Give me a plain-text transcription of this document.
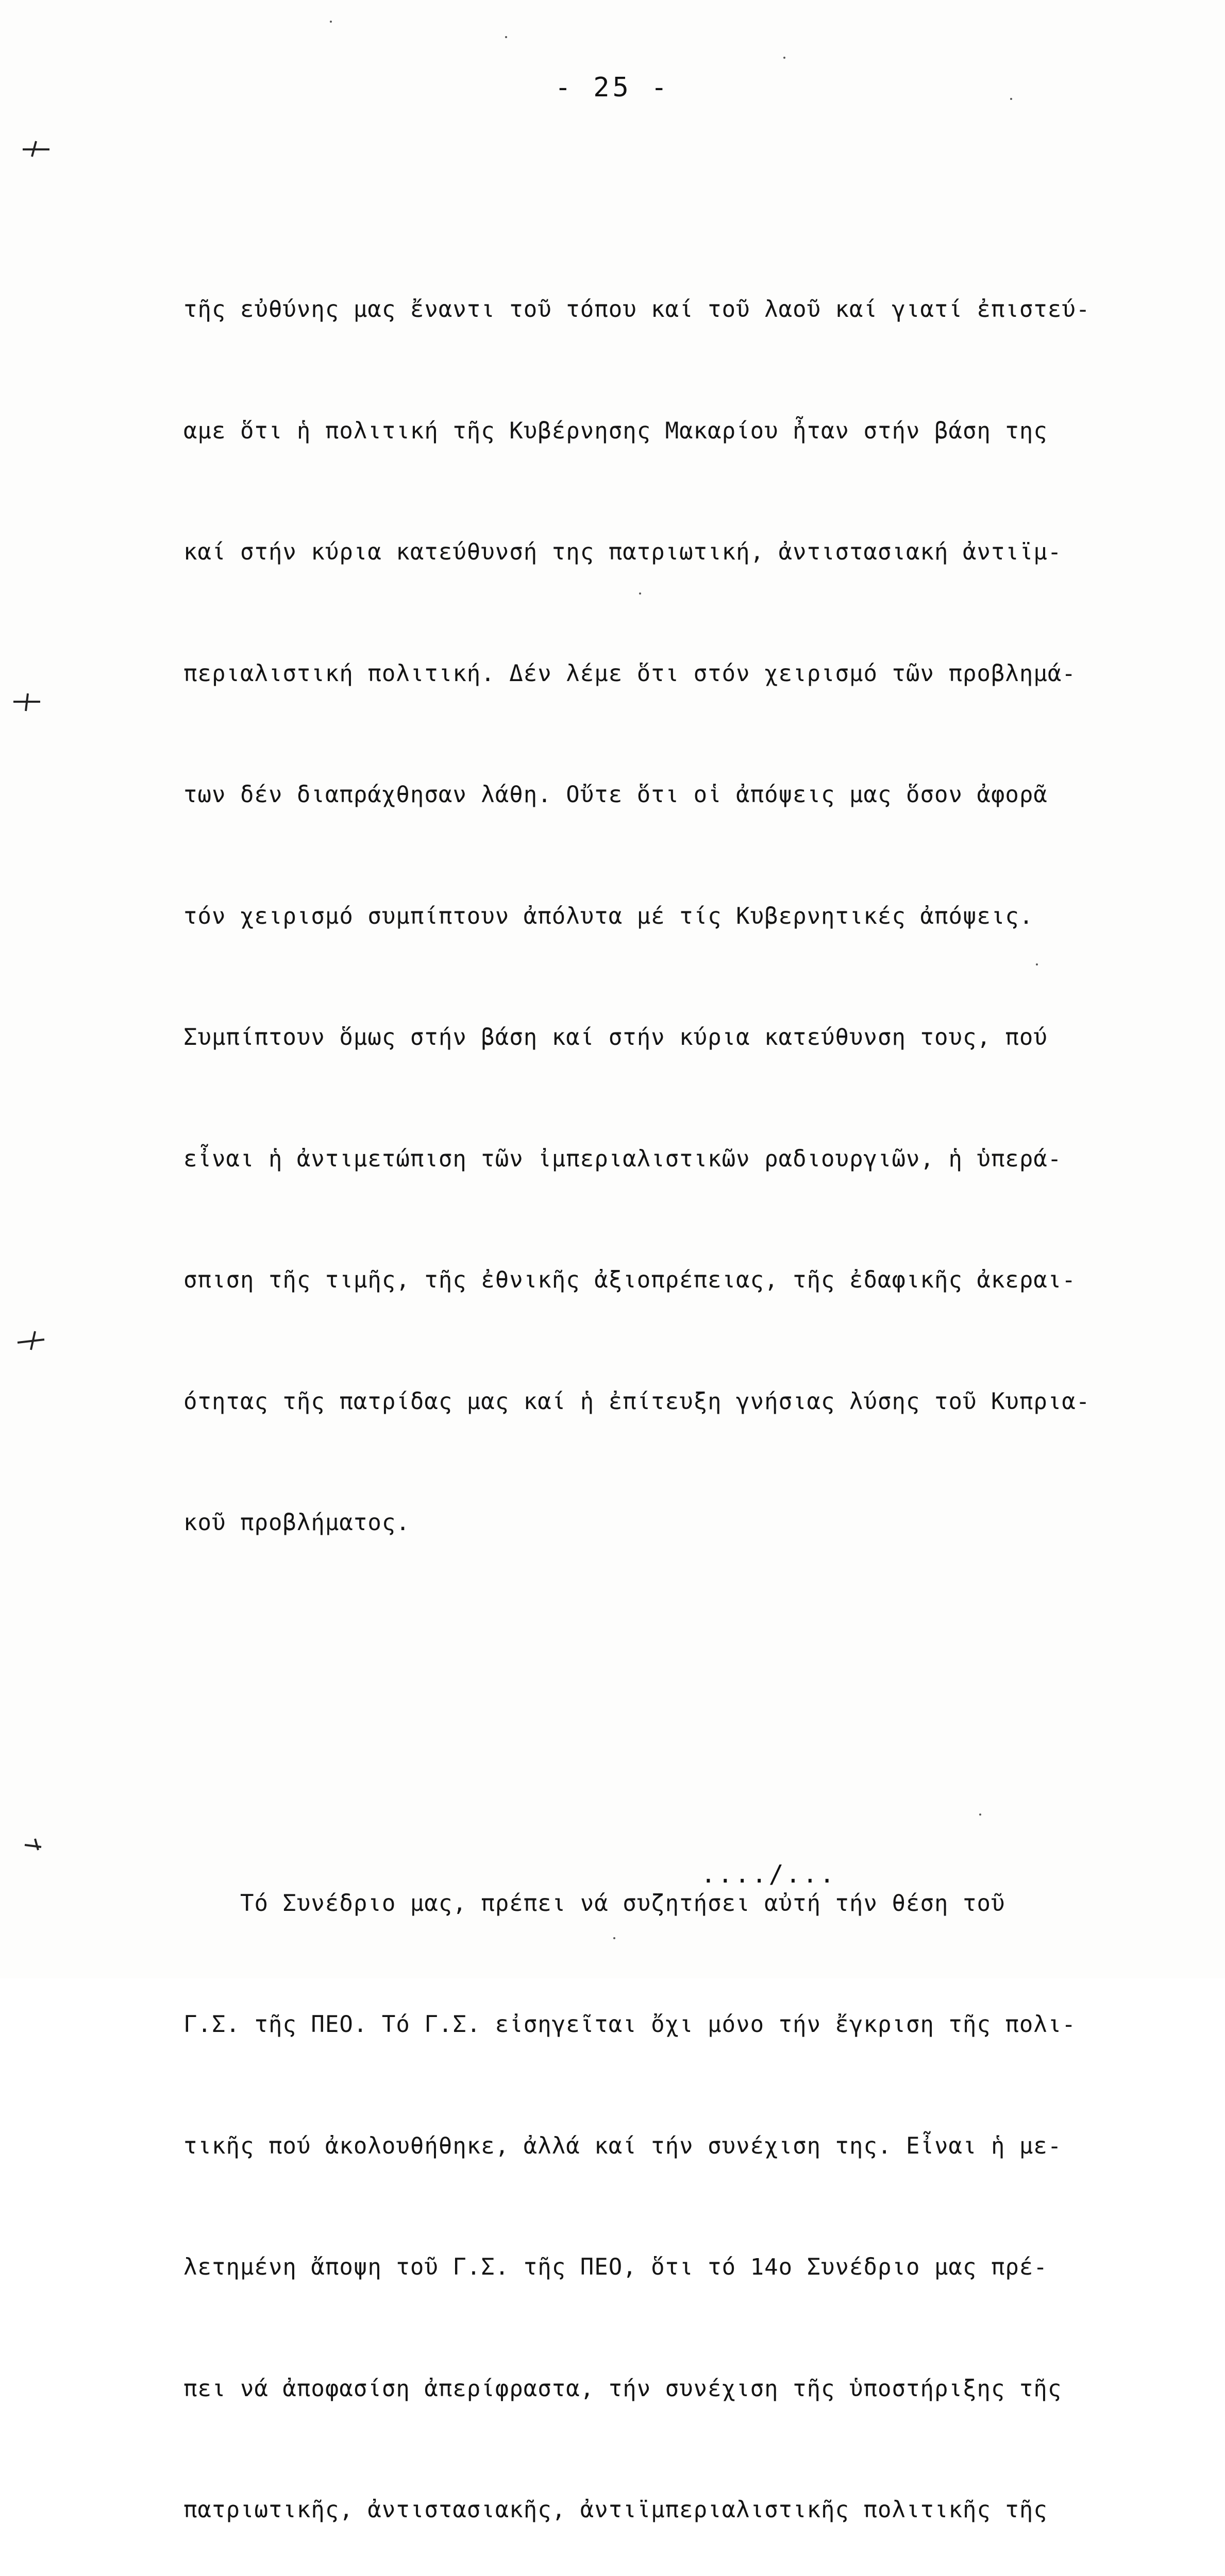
- 25 -

τῆς εὐθύνης μας ἔναντι τοῦ τόπου καί τοῦ λαοῦ καί γιατί ἐπιστεύ-

αμε ὅτι ἡ πολιτική τῆς Κυβέρνησης Μακαρίου ἦταν στήν βάση της

καί στήν κύρια κατεύθυνσή της πατριωτική, ἀντιστασιακή ἀντιϊμ-

περιαλιστική πολιτική. Δέν λέμε ὅτι στόν χειρισμό τῶν προβλημά-

των δέν διαπράχθησαν λάθη. Οὔτε ὅτι οἱ ἀπόψεις μας ὅσον ἀφορᾶ

τόν χειρισμό συμπίπτουν ἀπόλυτα μέ τίς Κυβερνητικές ἀπόψεις.

Συμπίπτουν ὅμως στήν βάση καί στήν κύρια κατεύθυνση τους, πού

εἶναι ἡ ἀντιμετώπιση τῶν ἰμπεριαλιστικῶν ραδιουργιῶν, ἡ ὑπερά-

σπιση τῆς τιμῆς, τῆς ἐθνικῆς ἀξιοπρέπειας, τῆς ἐδαφικῆς ἀκεραι-

ότητας τῆς πατρίδας μας καί ἡ ἐπίτευξη γνήσιας λύσης τοῦ Κυπρια-

κοῦ προβλήματος.

Τό Συνέδριο μας, πρέπει νά συζητήσει αὐτή τήν θέση τοῦ

Γ.Σ. τῆς ΠΕΟ. Τό Γ.Σ. εἰσηγεῖται ὄχι μόνο τήν ἔγκριση τῆς πολι-

τικῆς πού ἀκολουθήθηκε, ἀλλά καί τήν συνέχιση της. Εἶναι ἡ με-

λετημένη ἄποψη τοῦ Γ.Σ. τῆς ΠΕΟ, ὅτι τό 14ο Συνέδριο μας πρέ-

πει νά ἀποφασίση ἀπερίφραστα, τήν συνέχιση τῆς ὑποστήριξης τῆς

πατριωτικῆς, ἀντιστασιακῆς, ἀντιϊμπεριαλιστικῆς πολιτικῆς τῆς

..../...
